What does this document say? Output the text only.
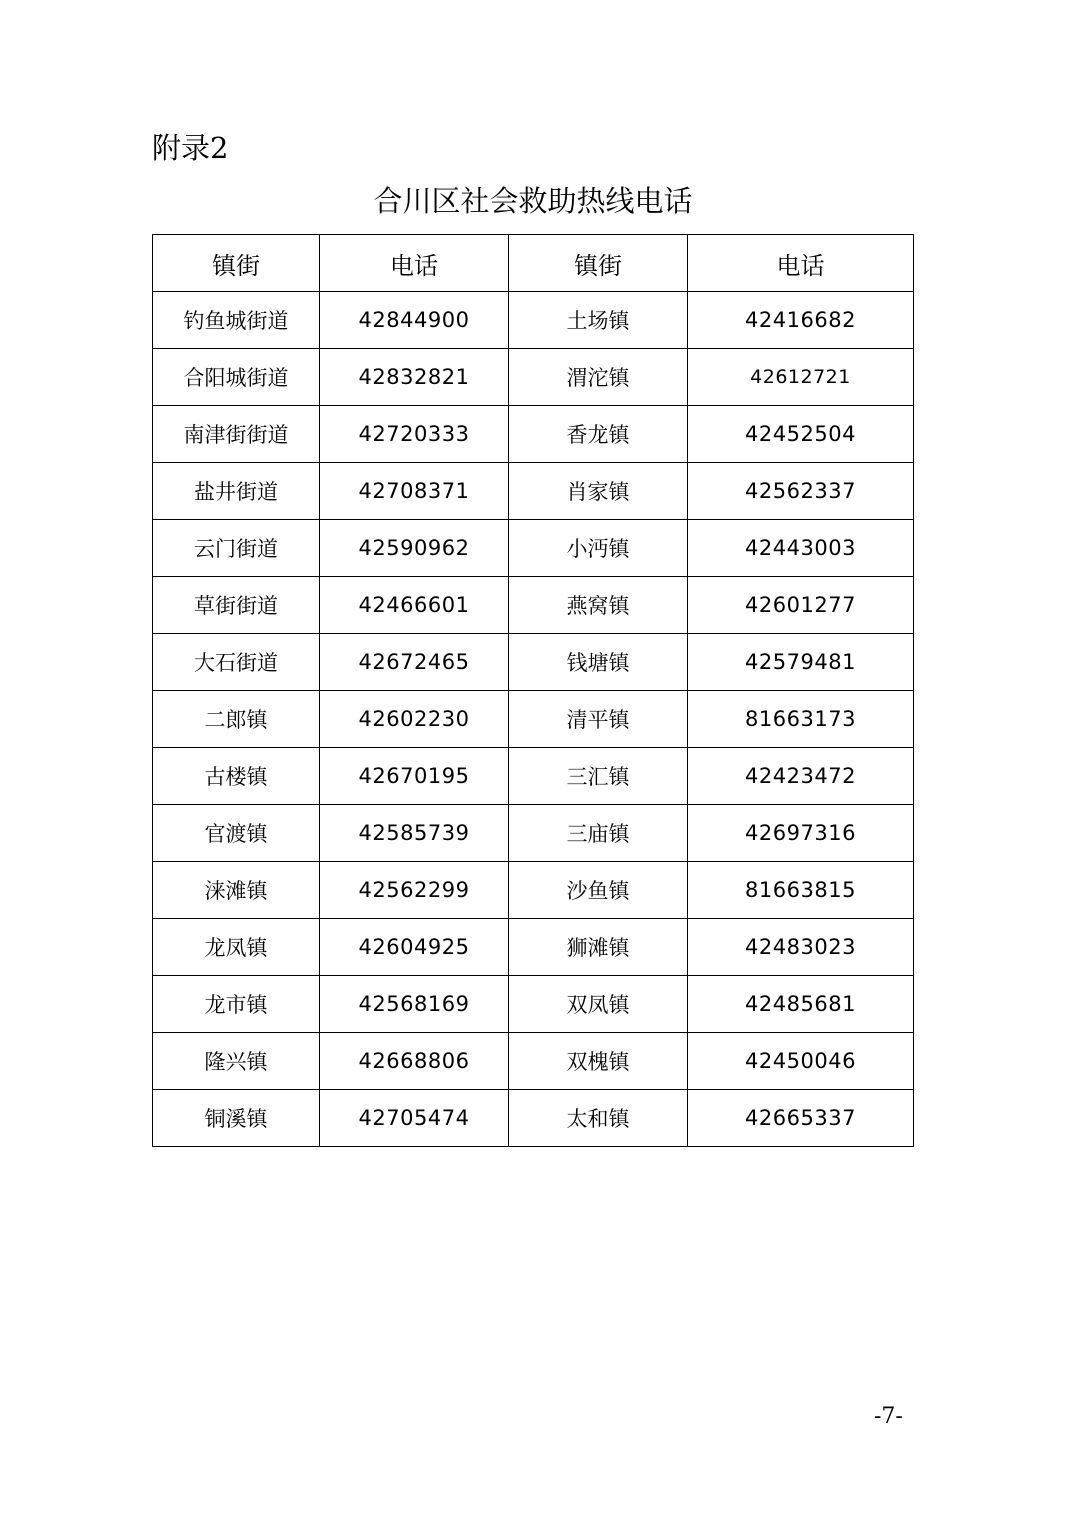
附录2
合川区社会救助热线电话
镇街	电话	镇街	电话
钓鱼城街道	42844900	土场镇	42416682
合阳城街道	42832821	渭沱镇	42612721
南津街街道	42720333	香龙镇	42452504
盐井街道	42708371	肖家镇	42562337
云门街道	42590962	小沔镇	42443003
草街街道	42466601	燕窝镇	42601277
大石街道	42672465	钱塘镇	42579481
二郎镇	42602230	清平镇	81663173
古楼镇	42670195	三汇镇	42423472
官渡镇	42585739	三庙镇	42697316
涞滩镇	42562299	沙鱼镇	81663815
龙凤镇	42604925	狮滩镇	42483023
龙市镇	42568169	双凤镇	42485681
隆兴镇	42668806	双槐镇	42450046
铜溪镇	42705474	太和镇	42665337
-7-
